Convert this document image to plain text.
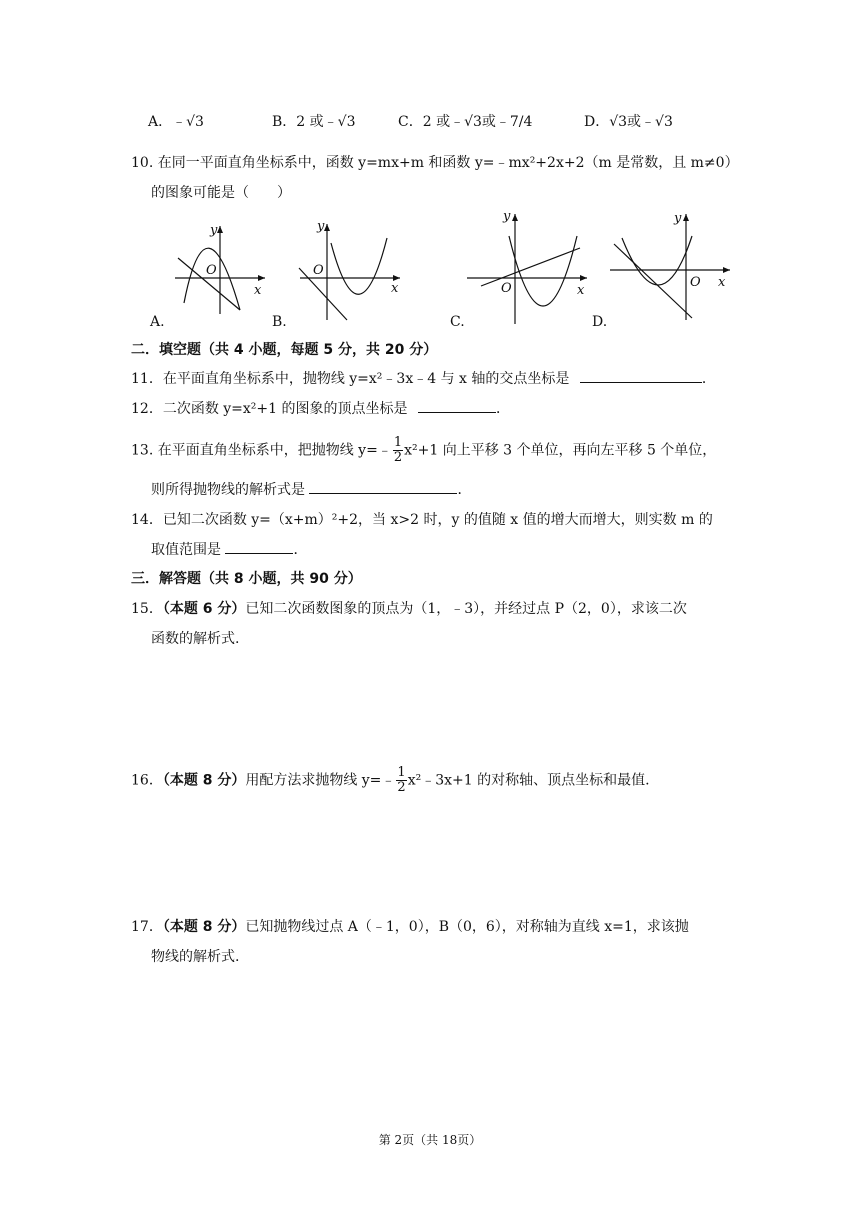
A．﹣√3	B．2 或﹣√3	C．2 或﹣√3或﹣7/4	D．√3或﹣√3
10. 在同一平面直角坐标系中，函数 y=mx+m 和函数 y=﹣mx²+2x+2（m 是常数，且 m≠0）
的图象可能是（　　）
y
O
x
y
O
x
y
O	x
y
O x
A.	B.	C.	D.
二．填空题（共 4 小题，每题 5 分，共 20 分）
11．在平面直角坐标系中，抛物线 y=x²﹣3x﹣4 与 x 轴的交点坐标是	．
12．二次函数 y=x²+1 的图象的顶点坐标是	．
13. 在平面直角坐标系中，把抛物线 y=﹣ $\frac{1}{2} x^2+1$ 向上平移 3 个单位，再向左平移 5 个单位，
则所得抛物线的解析式是	．
14．已知二次函数 y=（x+m）²+2，当 x>2 时，y 的值随 x 值的增大而增大，则实数 m 的
取值范围是	．
三．解答题（共 8 小题，共 90 分）
15．（本题 6 分）已知二次函数图象的顶点为（1，﹣3），并经过点 P（2，0），求该二次
函数的解析式.
16．（本题 8 分）用配方法求抛物线 y=﹣ $\frac{1}{2}$ x²﹣3x+1 的对称轴、顶点坐标和最值.
17．（本题 8 分）已知抛物线过点 A（﹣1，0），B（0，6），对称轴为直线 x=1，求该抛
物线的解析式.
第 2页（共 18页）
